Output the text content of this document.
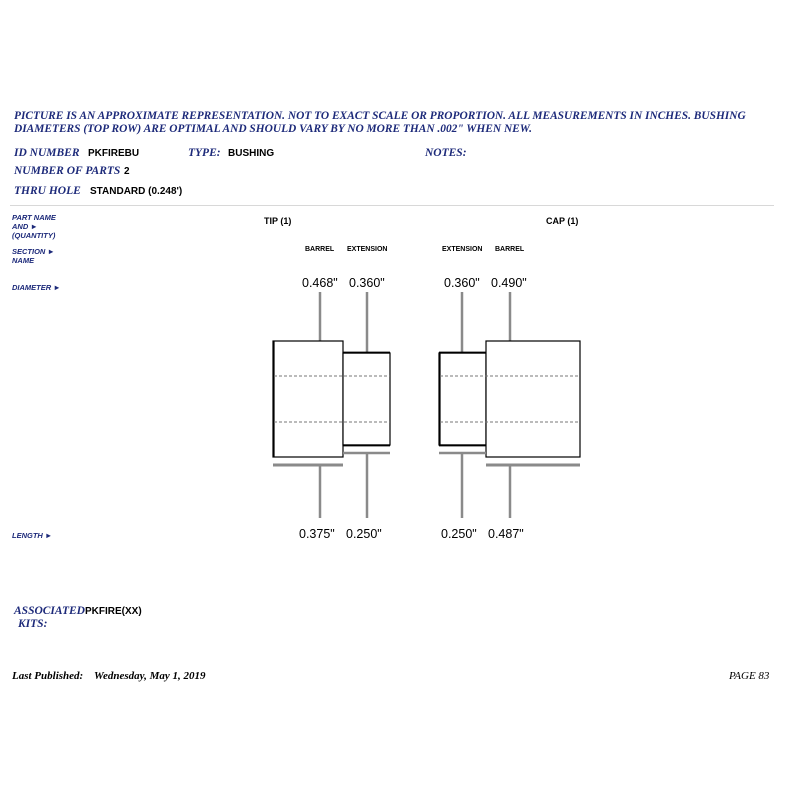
PICTURE IS AN APPROXIMATE REPRESENTATION. NOT TO EXACT SCALE OR PROPORTION. ALL MEASUREMENTS IN INCHES. BUSHING DIAMETERS (TOP ROW) ARE OPTIMAL AND SHOULD VARY BY NO MORE THAN .002" WHEN NEW.
ID NUMBER PKFIREBU	TYPE: BUSHING	NOTES:
NUMBER OF PARTS 2
THRU HOLE STANDARD (0.248')
PART NAME AND ► (QUANTITY)
SECTION ► NAME
DIAMETER ►
LENGTH ►
TIP (1)	CAP (1)
BARREL EXTENSION	EXTENSION BARREL
0.468" 0.360"	0.360" 0.490"
0.375" 0.250"	0.250" 0.487"
ASSOCIATED
KITS:
PKFIRE(XX)
Last Published: Wednesday, May 1, 2019	PAGE 83
